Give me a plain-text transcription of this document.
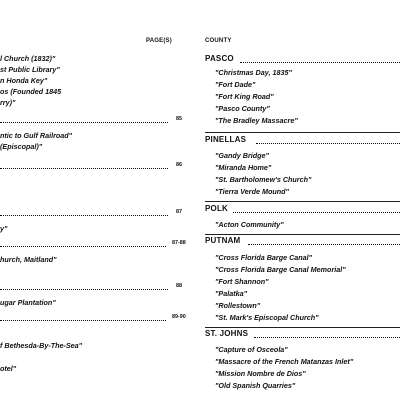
PAGE(S)	COUNTY
l Church (1832)"
st Public Library"
n Honda Key"
os (Founded 1845
rry)"
85
ntic to Gulf Railroad"
(Episcopal)"
86
87
y"
87-88
hurch, Maitland"
88
ugar Plantation"
89-90
f Bethesda-By-The-Sea"
otel"
PASCO
"Christmas Day, 1835"
"Fort Dade"
"Fort King Road"
"Pasco County"
"The Bradley Massacre"
PINELLAS
"Gandy Bridge"
"Miranda Home"
"St. Bartholomew's Church"
"Tierra Verde Mound"
POLK
"Acton Community"
PUTNAM
"Cross Florida Barge Canal"
"Cross Florida Barge Canal Memorial"
"Fort Shannon"
"Palatka"
"Rollestown"
"St. Mark's Episcopal Church"
ST. JOHNS
"Capture of Osceola"
"Massacre of the French Matanzas Inlet"
"Mission Nombre de Dios"
"Old Spanish Quarries"
